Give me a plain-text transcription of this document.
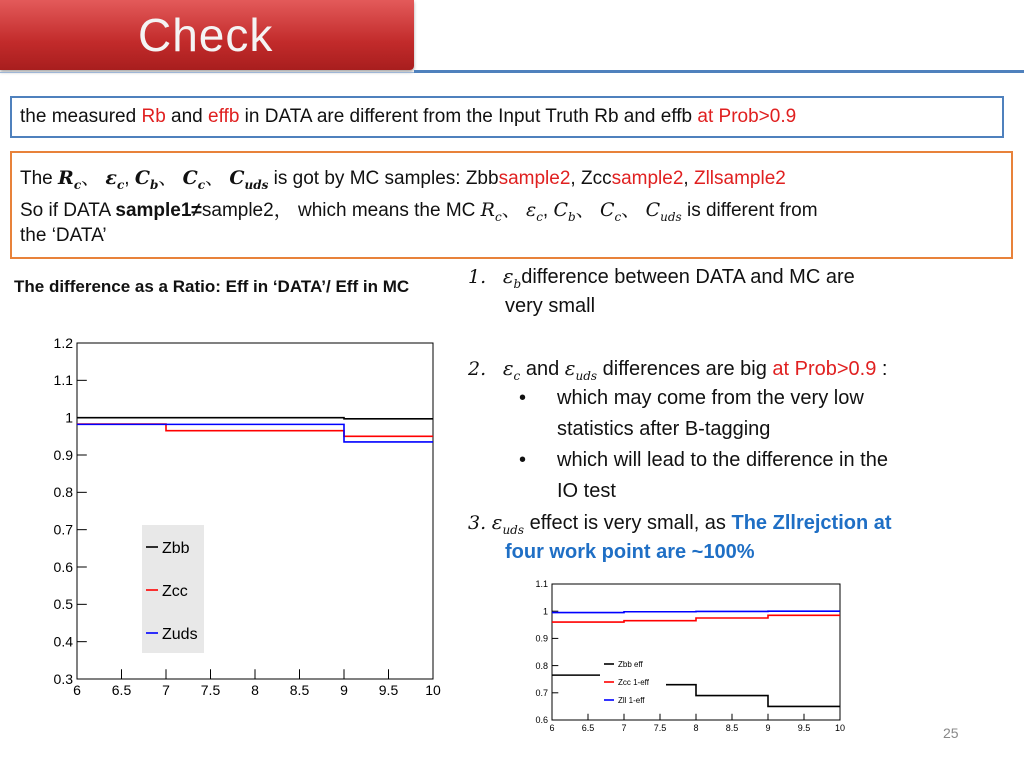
Check
the measured Rb and effb in DATA are different from the Input Truth Rb and effb at Prob>0.9
The $R_c$、 $\varepsilon_c$, $C_b$、 $C_c$、 $C_{uds}$ is got by MC samples: Zbbsample2, Zccsample2, Zllsample2
So if DATA sample1≠sample2， which means the MC $R_c$、 $\varepsilon_c$, $C_b$、 $C_c$、 $C_{uds}$ is different from
the ‘DATA’
The difference as a Ratio: Eff in ‘DATA’/ Eff in MC
6 6.5 7 7.5 8 8.5 9 9.5 10
0.3
0.4
0.5
0.6
0.7
0.8
0.9
1
1.1
1.2
Zbb
Zcc
Zuds
1. $\varepsilon_bdifference$ between DATA and MC are
very small
2. $\varepsilon_c$ and $\varepsilon_{uds}$ differences are big at Prob>0.9 :
• which may come from the very low
statistics after B-tagging
• which will lead to the difference in the
IO test
3. $\varepsilon_{uds}$ effect is very small, as The Zllrejction at
four work point are ~100%
6	6.5	7	7.5	8	8.5	9	9.5	10
0.6
0.7
0.8
0.9
1
1.1
Zbb eff
Zcc 1-eff
Zll 1-eff
25
